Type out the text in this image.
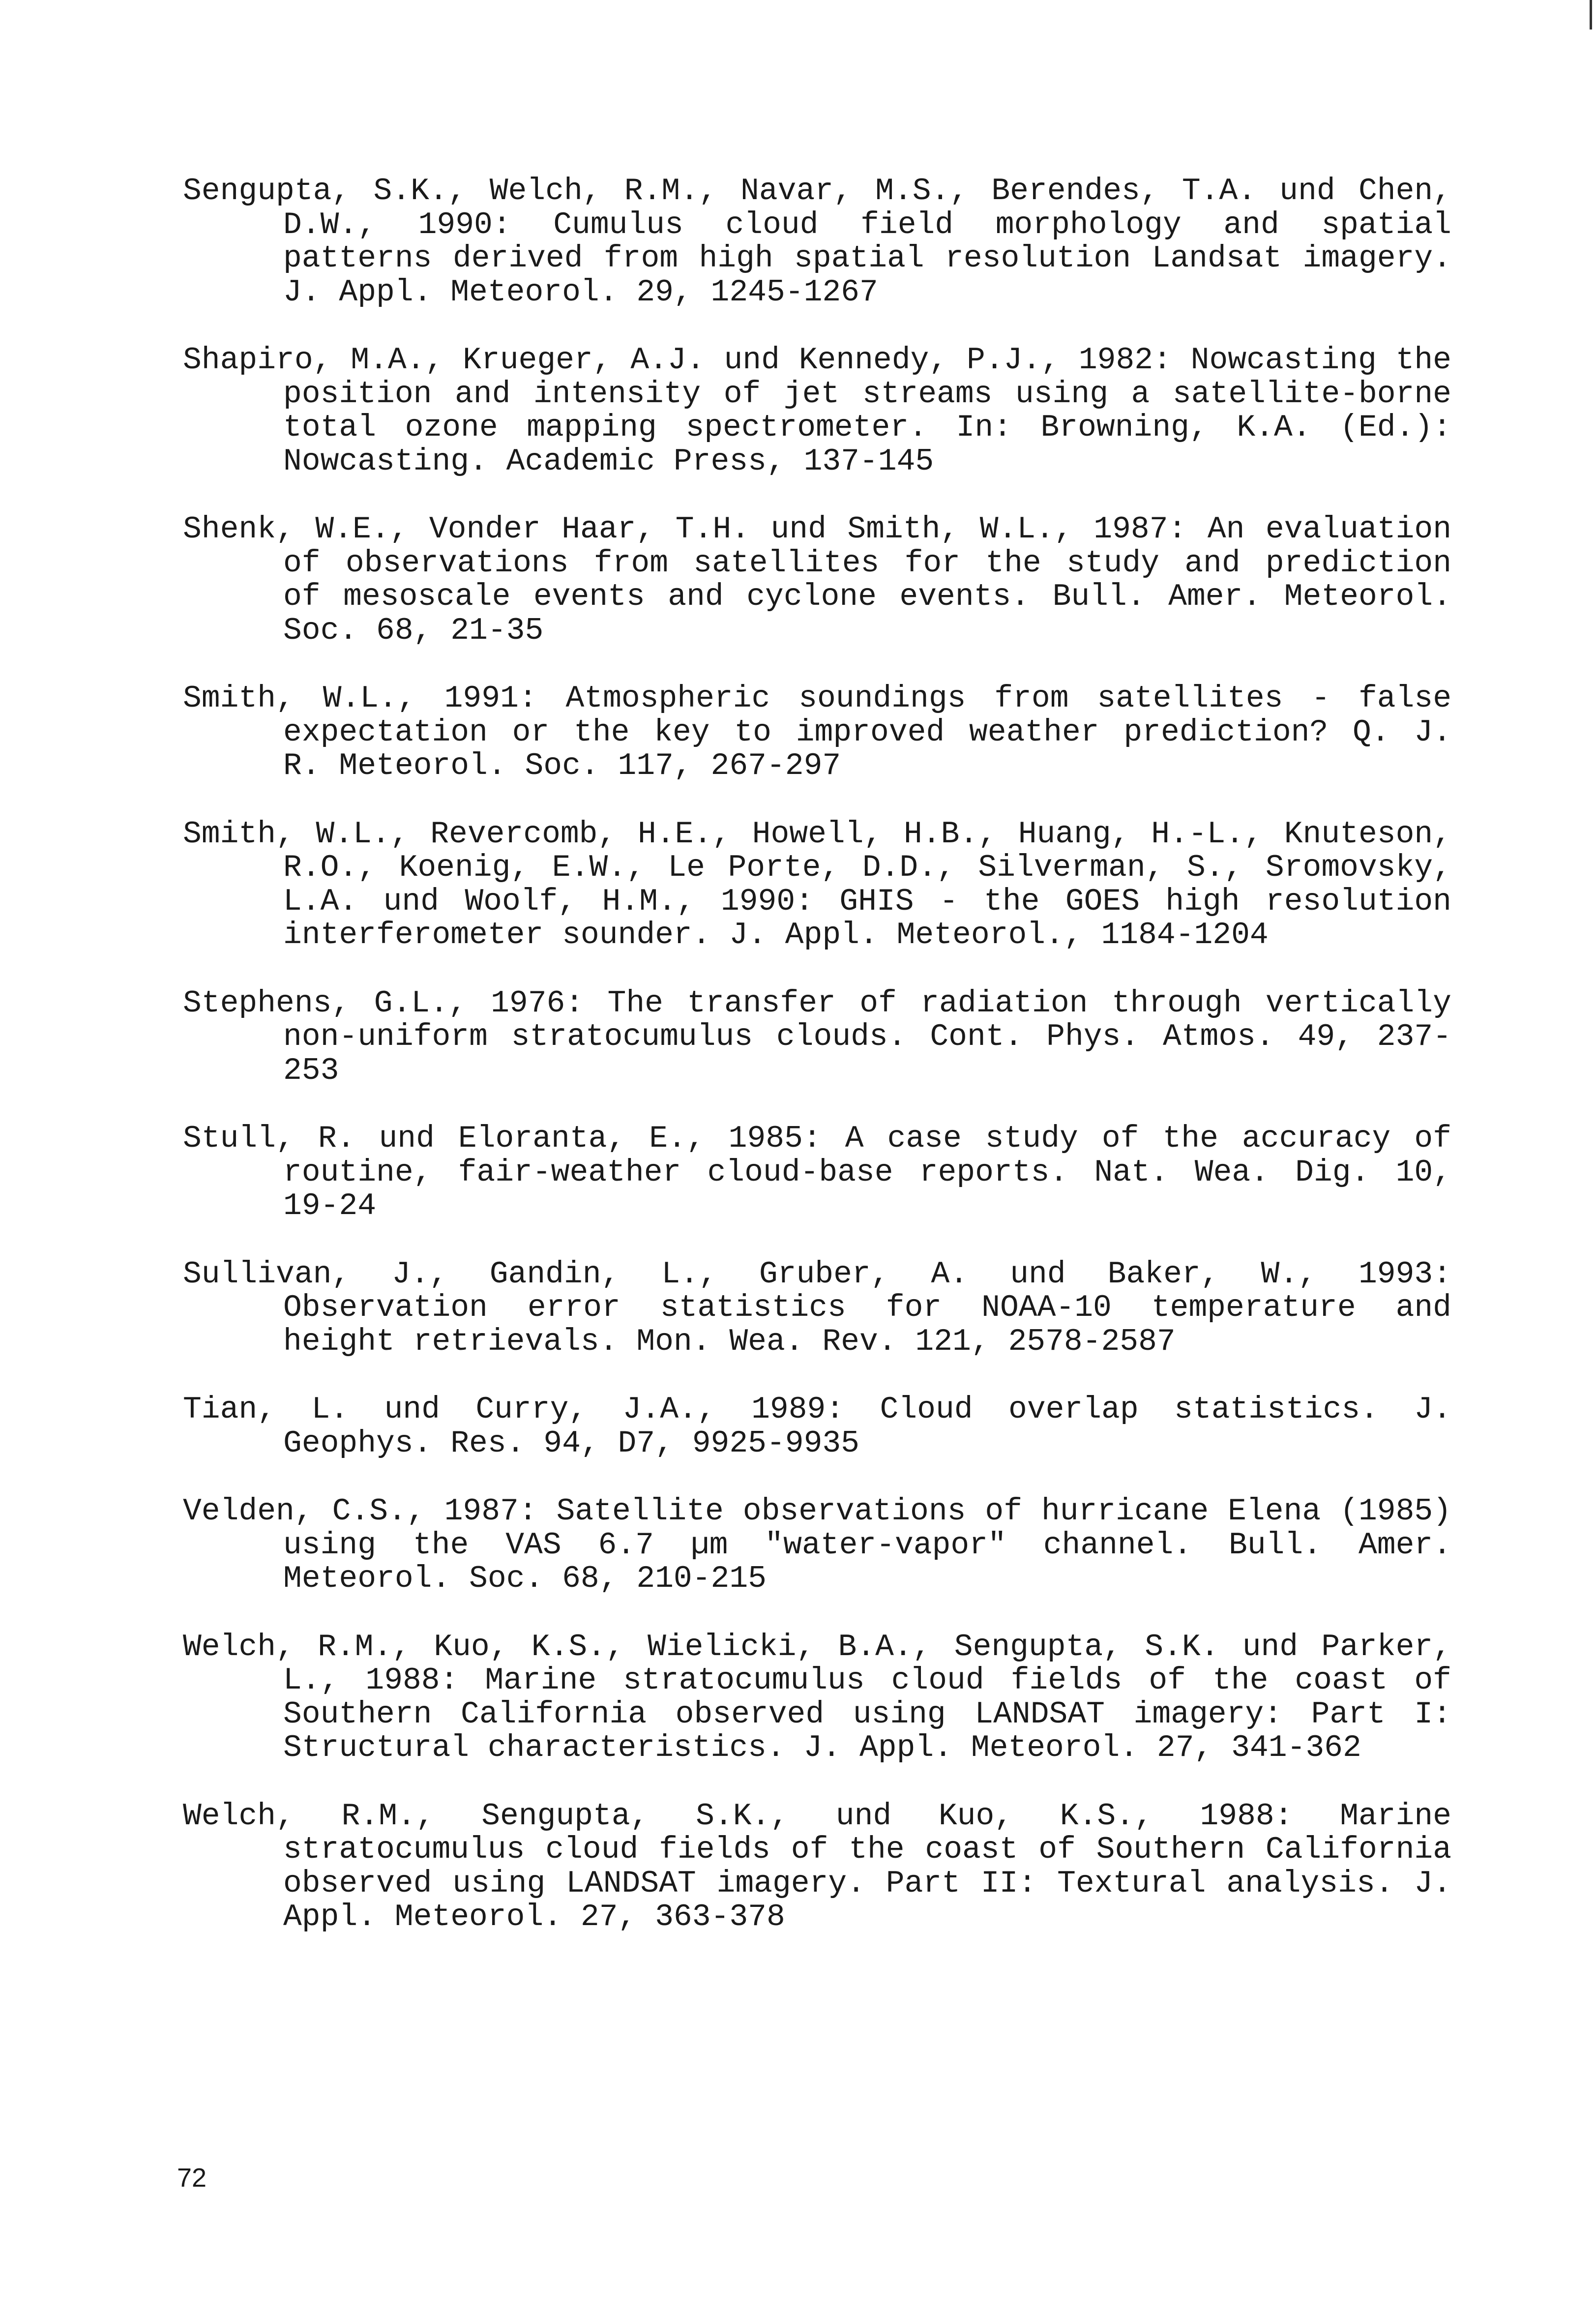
Sengupta, S.K., Welch, R.M., Navar, M.S., Berendes, T.A. und Chen, D.W., 1990: Cumulus cloud field morphology and spatial patterns derived from high spatial resolution Landsat imagery. J. Appl. Meteorol. 29, 1245-1267
Shapiro, M.A., Krueger, A.J. und Kennedy, P.J., 1982: Nowcasting the position and intensity of jet streams using a satellite-borne total ozone mapping spectrometer. In: Browning, K.A. (Ed.): Nowcasting. Academic Press, 137-145
Shenk, W.E., Vonder Haar, T.H. und Smith, W.L., 1987: An evaluation of observations from satellites for the study and prediction of mesoscale events and cyclone events. Bull. Amer. Meteorol. Soc. 68, 21-35
Smith, W.L., 1991: Atmospheric soundings from satellites - false expectation or the key to improved weather prediction? Q. J. R. Meteorol. Soc. 117, 267-297
Smith, W.L., Revercomb, H.E., Howell, H.B., Huang, H.-L., Knuteson, R.O., Koenig, E.W., Le Porte, D.D., Silverman, S., Sromovsky, L.A. und Woolf, H.M., 1990: GHIS - the GOES high resolution interferometer sounder. J. Appl. Meteorol., 1184-1204
Stephens, G.L., 1976: The transfer of radiation through vertically non-uniform stratocumulus clouds. Cont. Phys. Atmos. 49, 237-253
Stull, R. und Eloranta, E., 1985: A case study of the accuracy of routine, fair-weather cloud-base reports. Nat. Wea. Dig. 10, 19-24
Sullivan, J., Gandin, L., Gruber, A. und Baker, W., 1993: Observation error statistics for NOAA-10 temperature and height retrievals. Mon. Wea. Rev. 121, 2578-2587
Tian, L. und Curry, J.A., 1989: Cloud overlap statistics. J. Geophys. Res. 94, D7, 9925-9935
Velden, C.S., 1987: Satellite observations of hurricane Elena (1985) using the VAS 6.7 µm "water-vapor" channel. Bull. Amer. Meteorol. Soc. 68, 210-215
Welch, R.M., Kuo, K.S., Wielicki, B.A., Sengupta, S.K. und Parker, L., 1988: Marine stratocumulus cloud fields of the coast of Southern California observed using LANDSAT imagery: Part I: Structural characteristics. J. Appl. Meteorol. 27, 341-362
Welch, R.M., Sengupta, S.K., und Kuo, K.S., 1988: Marine stratocumulus cloud fields of the coast of Southern California observed using LANDSAT imagery. Part II: Textural analysis. J. Appl. Meteorol. 27, 363-378
72
